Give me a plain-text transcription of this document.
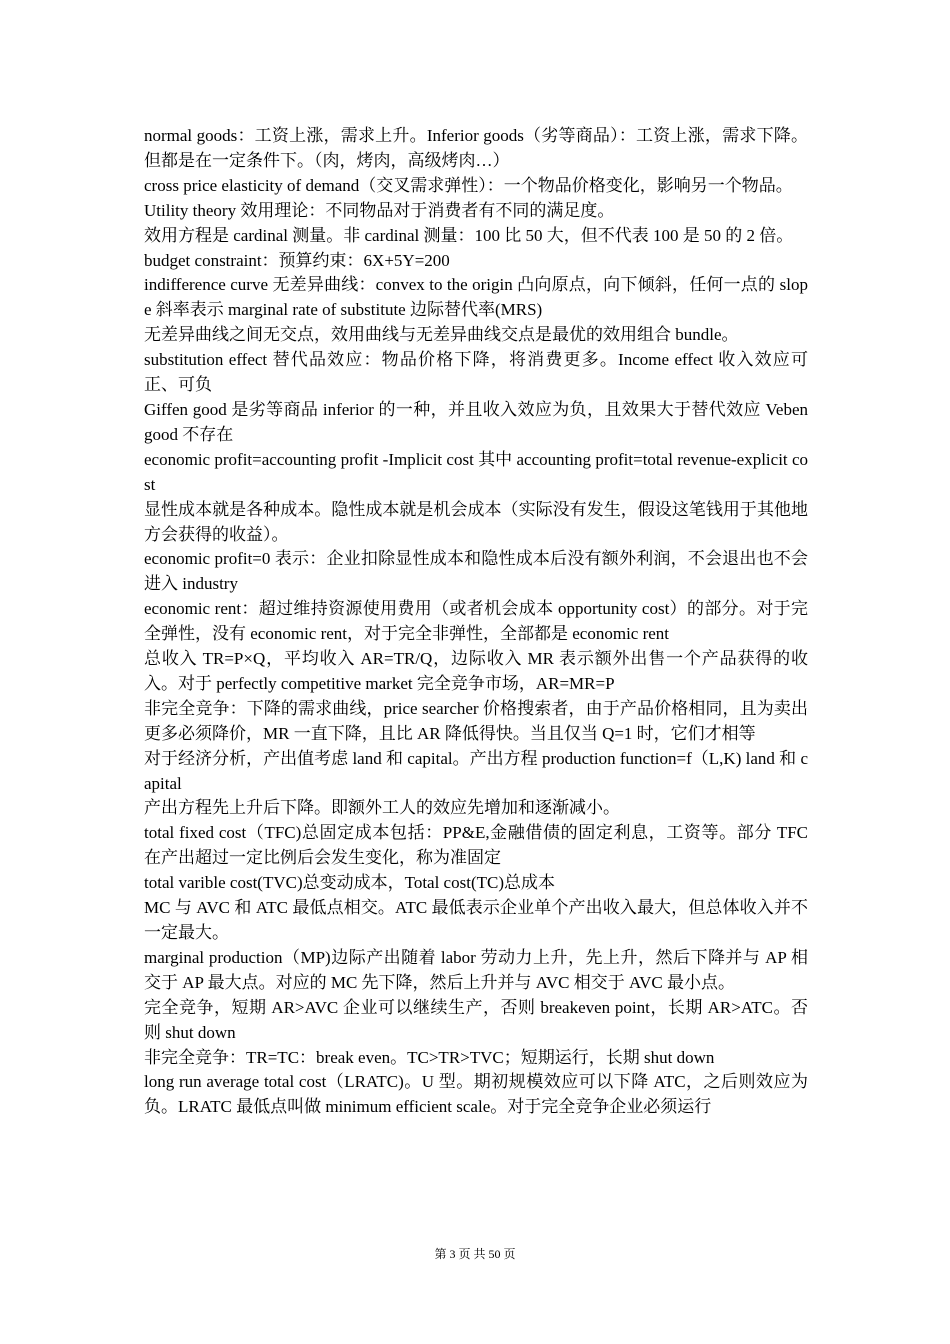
normal goods：工资上涨，需求上升。Inferior goods（劣等商品）：工资上涨，需求下降。但都是在一定条件下。（肉，烤肉，高级烤肉…）

cross price elasticity of demand（交叉需求弹性）：一个物品价格变化，影响另一个物品。

Utility theory 效用理论：不同物品对于消费者有不同的满足度。

效用方程是 cardinal 测量。非 cardinal 测量：100 比 50 大，但不代表 100 是 50 的 2 倍。

budget constraint：预算约束：6X+5Y=200

indifference curve 无差异曲线：convex to the origin 凸向原点，向下倾斜，任何一点的 slope 斜率表示 marginal rate of substitute 边际替代率(MRS)

无差异曲线之间无交点，效用曲线与无差异曲线交点是最优的效用组合 bundle。

substitution effect 替代品效应：物品价格下降，将消费更多。Income effect 收入效应可正、可负

Giffen good 是劣等商品 inferior 的一种，并且收入效应为负，且效果大于替代效应 Veben good 不存在

economic profit=accounting profit -Implicit cost 其中 accounting profit=total revenue-explicit cost

显性成本就是各种成本。隐性成本就是机会成本（实际没有发生，假设这笔钱用于其他地方会获得的收益）。

economic profit=0 表示：企业扣除显性成本和隐性成本后没有额外利润，不会退出也不会进入 industry

economic rent：超过维持资源使用费用（或者机会成本 opportunity cost）的部分。对于完全弹性，没有 economic rent，对于完全非弹性，全部都是 economic rent

总收入 TR=P×Q，平均收入 AR=TR/Q，边际收入 MR 表示额外出售一个产品获得的收入。对于 perfectly competitive market 完全竞争市场，AR=MR=P

非完全竞争：下降的需求曲线，price searcher 价格搜索者，由于产品价格相同，且为卖出更多必须降价，MR 一直下降，且比 AR 降低得快。当且仅当 Q=1 时，它们才相等

对于经济分析，产出值考虑 land 和 capital。产出方程 production function=f（L,K) land 和 capital

产出方程先上升后下降。即额外工人的效应先增加和逐渐减小。

total fixed cost（TFC)总固定成本包括：PP&E,金融借债的固定利息，工资等。部分 TFC 在产出超过一定比例后会发生变化，称为准固定

total varible cost(TVC)总变动成本，Total cost(TC)总成本

MC 与 AVC 和 ATC 最低点相交。ATC 最低表示企业单个产出收入最大，但总体收入并不一定最大。

marginal production（MP)边际产出随着 labor 劳动力上升，先上升，然后下降并与 AP 相交于 AP 最大点。对应的 MC 先下降，然后上升并与 AVC 相交于 AVC 最小点。

完全竞争，短期 AR>AVC 企业可以继续生产，否则 breakeven point，长期 AR>ATC。否则 shut down

非完全竞争：TR=TC：break even。TC>TR>TVC；短期运行，长期 shut down

long run average total cost（LRATC)。U 型。期初规模效应可以下降 ATC，之后则效应为负。LRATC 最低点叫做 minimum efficient scale。对于完全竞争企业必须运行

第 3 页 共 50 页
